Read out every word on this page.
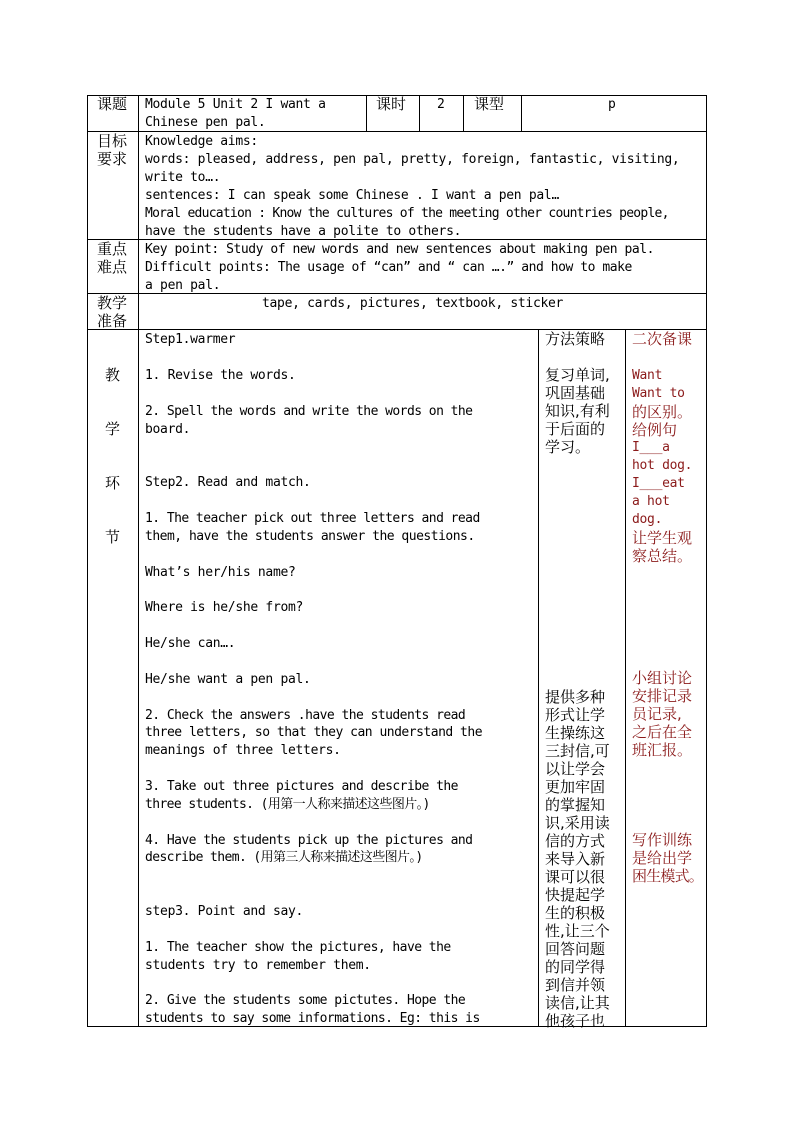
课题 Module 5 Unit 2 I want a
Chinese pen pal.
课时 2 课型	p
目标
要求
Knowledge aims:
words: pleased, address, pen pal, pretty, foreign, fantastic, visiting,
write to….
sentences: I can speak some Chinese . I want a pen pal…
Moral education : Know the cultures of the meeting other countries people,
have the students have a polite to others.
重点
难点
Key point: Study of new words and new sentences about making pen pal.
Difficult points: The usage of “can” and “ can ….” and how to make
a pen pal.
教学
准备
tape, cards, pictures, textbook, sticker
教
学
环
节
Step1.warmer
1. Revise the words.
2. Spell the words and write the words on the
board.
Step2. Read and match.
1. The teacher pick out three letters and read
them, have the students answer the questions.
What’s her/his name?
Where is he/she from?
He/she can….
He/she want a pen pal.
2. Check the answers .have the students read
three letters, so that they can understand the
meanings of three letters.
3. Take out three pictures and describe the
three students. (用第一人称来描述这些图片。)
4. Have the students pick up the pictures and
describe them. (用第三人称来描述这些图片。)
step3. Point and say.
1. The teacher show the pictures, have the
students try to remember them.
2. Give the students some pictutes. Hope the
students to say some informations. Eg: this is
方法策略
复习单词,
巩固基础
知识,有利
于后面的
学习。
提供多种
形式让学
生操练这
三封信,可
以让学会
更加牢固
的掌握知
识,采用读
信的方式
来导入新
课可以很
快提起学
生的积极
性,让三个
回答问题
的同学得
到信并领
读信,让其
他孩子也
二次备课
Want
Want to
的区别。
给例句
I___a
hot dog.
I___eat
a hot
dog.
让学生观
察总结。
小组讨论
安排记录
员记录,
之后在全
班汇报。
写作训练
是给出学
困生模式。
